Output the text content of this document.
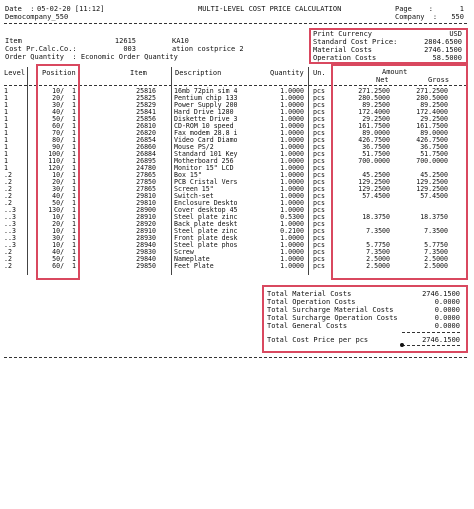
Date  : 05-02-20 [11:12]	MULTI-LEVEL COST PRICE CALCULATION	Page    :	1
Democompany_550	Company  :	550
Item	12615	KA10
Cost Pr.Calc.Co.:	003	ation costprice 2
Order Quantity  : Economic Order Quantity
Print Currency	USD
Standard Cost Price:	2804.6500
Material Costs	2746.1500
Operation Costs	58.5000
Level Position	Item	Description	Quantity Un.	Amount
Net	Gross
1	10/  1	25816	16mb 72pin sim 4	1.0000 pcs	271.2500	271.2500
1	20/  1	25825	Pentium chip 133	1.0000 pcs	280.5000	280.5000
1	30/  1	25829	Power Supply 200	1.0000 pcs	89.2500	89.2500
1	40/  1	25841	Hard Drive 1280	1.0000 pcs	172.4000	172.4000
1	50/  1	25856	Diskette Drive 3	1.0000 pcs	29.2500	29.2500
1	60/  1	26810	CD-ROM 10 speed	1.0000 pcs	161.7500	161.7500
1	70/  1	26820	Fax modem 28.8 i	1.0000 pcs	89.0000	89.0000
1	80/  1	26854	Video Card Diamo	1.0000 pcs	426.7500	426.7500
1	90/  1	26860	Mouse PS/2	1.0000 pcs	36.7500	36.7500
1	100/  1	26884	Standard 101 Key	1.0000 pcs	51.7500	51.7500
1	110/  1	26895	Motherboard 256	1.0000 pcs	700.0000	700.0000
1	120/  1	24780	Monitor 15" LCD	1.0000 pcs
.2	10/  1	27865	Box 15"	1.0000 pcs	45.2500	45.2500
.2	20/  1	27850	PCB Cristal Vers	1.0000 pcs	129.2500	129.2500
.2	30/  1	27865	Screen 15"	1.0000 pcs	129.2500	129.2500
.2	40/  1	29810	Switch-set	1.0000 pcs	57.4500	57.4500
.2	50/  1	29810	Enclosure Deskto	1.0000 pcs
..3	130/  1	28900	Cover desktop 45	1.0000 pcs
..3	10/  1	28910	Steel plate zinc	0.5300 pcs	18.3750	18.3750
..3	20/  1	28920	Back plate deskt	1.0000 pcs
..3	10/  1	28910	Steel plate zinc	0.2100 pcs	7.3500	7.3500
..3	30/  1	28930	Front plate desk	1.0000 pcs
..3	10/  1	28940	Steel plate phos	1.0000 pcs	5.7750	5.7750
.2	40/  1	29830	Screw	1.0000 pcs	7.3500	7.3500
.2	50/  1	29840	Nameplate	1.0000 pcs	2.5000	2.5000
.2	60/  1	29850	Feet Plate	1.0000 pcs	2.5000	2.5000
Total Material Costs	2746.1500
Total Operation Costs	0.0000
Total Surcharge Material Costs	0.0000
Total Surcharge Operation Costs	0.0000
Total General Costs	0.0000
Total Cost Price per pcs	2746.1500
